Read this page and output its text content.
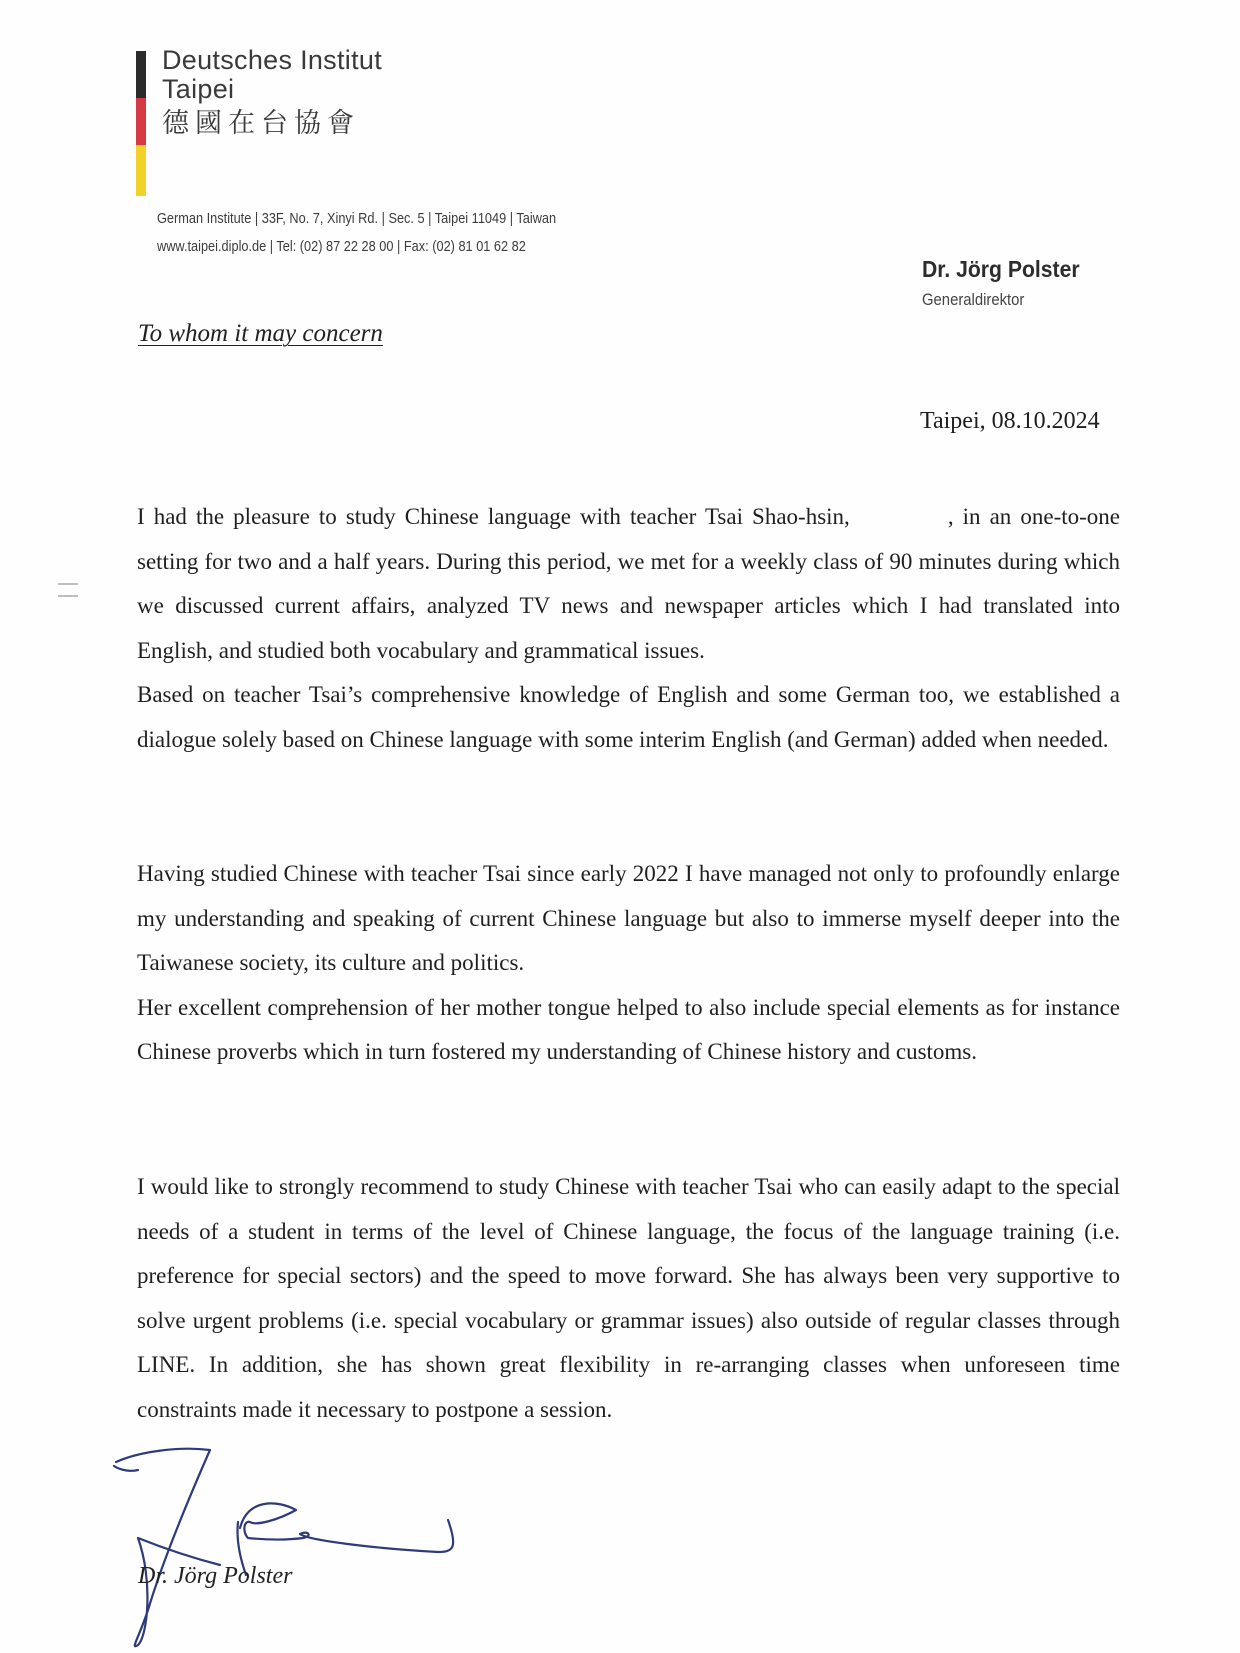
Deutsches Institut
Taipei
德國在台協會
German Institute | 33F, No. 7, Xinyi Rd. | Sec. 5 | Taipei 11049 | Taiwan
www.taipei.diplo.de | Tel: (02) 87 22 28 00 | Fax: (02) 81 01 62 82
Dr. Jörg Polster
Generaldirektor
To whom it may concern
Taipei, 08.10.2024

I had the pleasure to study Chinese language with teacher Tsai Shao-hsin,	, in an one-to-one setting for two and a half years. During this period, we met for a weekly class of 90 minutes during which we discussed current affairs, analyzed TV news and newspaper articles which I had translated into English, and studied both vocabulary and grammatical issues.

Based on teacher Tsai’s comprehensive knowledge of English and some German too, we established a dialogue solely based on Chinese language with some interim English (and German) added when needed.

Having studied Chinese with teacher Tsai since early 2022 I have managed not only to profoundly enlarge my understanding and speaking of current Chinese language but also to immerse myself deeper into the Taiwanese society, its culture and politics.

Her excellent comprehension of her mother tongue helped to also include special elements as for instance Chinese proverbs which in turn fostered my understanding of Chinese history and customs.

I would like to strongly recommend to study Chinese with teacher Tsai who can easily adapt to the special needs of a student in terms of the level of Chinese language, the focus of the language training (i.e. preference for special sectors) and the speed to move forward. She has always been very supportive to solve urgent problems (i.e. special vocabulary or grammar issues) also outside of regular classes through LINE. In addition, she has shown great flexibility in re-arranging classes when unforeseen time constraints made it necessary to postpone a session.

Dr. Jörg Polster
